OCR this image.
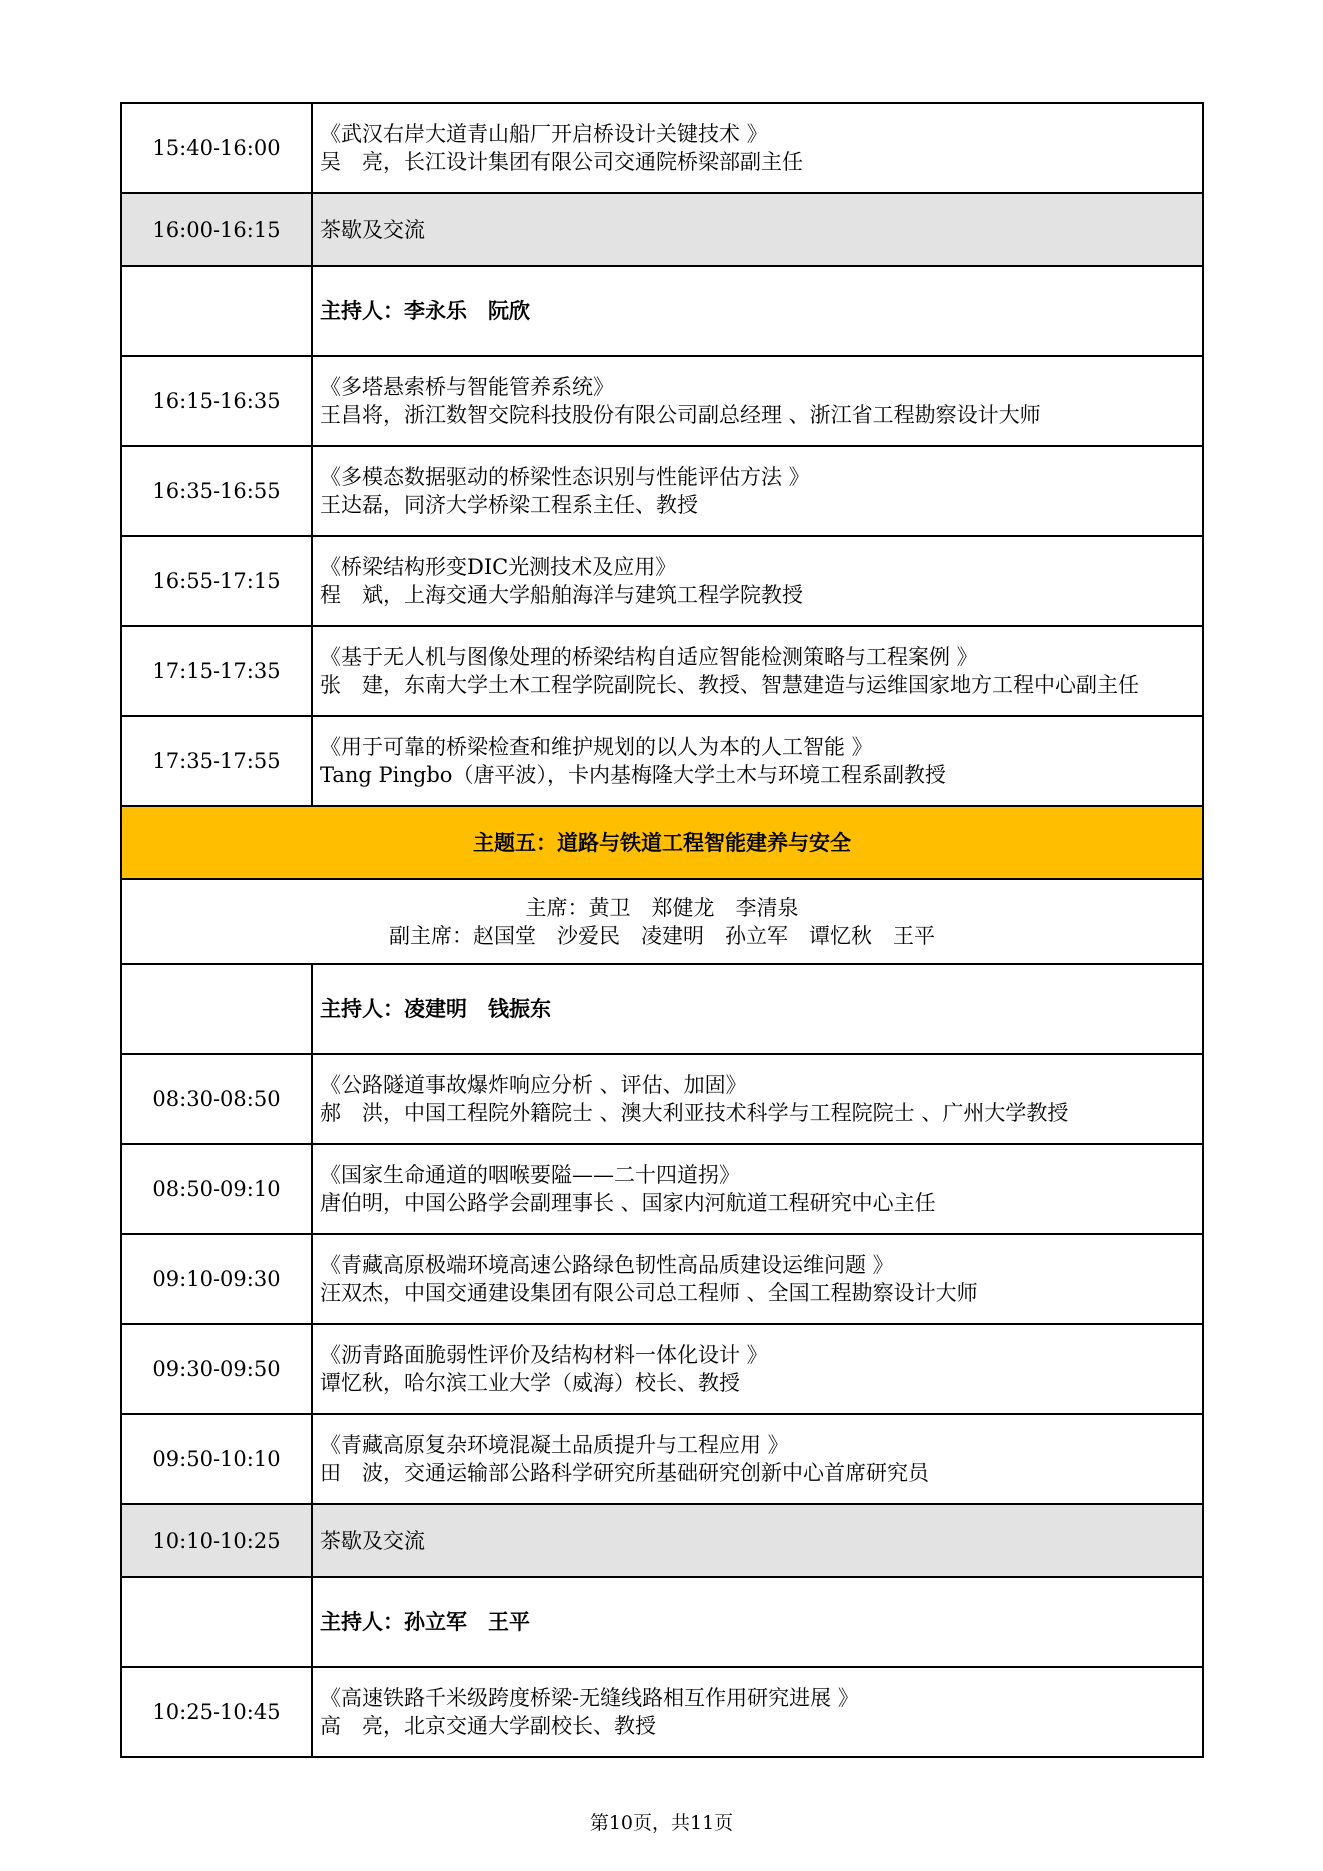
15:40-16:00	《武汉右岸大道青山船厂开启桥设计关键技术 》
吴　亮，长江设计集团有限公司交通院桥梁部副主任

16:00-16:15	茶歇及交流

	主持人：李永乐　阮欣

16:15-16:35	《多塔悬索桥与智能管养系统》
王昌将，浙江数智交院科技股份有限公司副总经理 、浙江省工程勘察设计大师

16:35-16:55	《多模态数据驱动的桥梁性态识别与性能评估方法 》
王达磊，同济大学桥梁工程系主任、教授

16:55-17:15	《桥梁结构形变DIC光测技术及应用》
程　斌，上海交通大学船舶海洋与建筑工程学院教授

17:15-17:35	《基于无人机与图像处理的桥梁结构自适应智能检测策略与工程案例 》
张　建，东南大学土木工程学院副院长、教授、智慧建造与运维国家地方工程中心副主任

17:35-17:55	《用于可靠的桥梁检查和维护规划的以人为本的人工智能 》
Tang Pingbo（唐平波），卡内基梅隆大学土木与环境工程系副教授

主题五：道路与铁道工程智能建养与安全	

主席：黄卫　郑健龙　李清泉
副主席：赵国堂　沙爱民　凌建明　孙立军　谭忆秋　王平	

	主持人：凌建明　钱振东

08:30-08:50	《公路隧道事故爆炸响应分析 、评估、加固》
郝　洪，中国工程院外籍院士 、澳大利亚技术科学与工程院院士 、广州大学教授

08:50-09:10	《国家生命通道的咽喉要隘——二十四道拐》
唐伯明，中国公路学会副理事长 、国家内河航道工程研究中心主任

09:10-09:30	《青藏高原极端环境高速公路绿色韧性高品质建设运维问题 》
汪双杰，中国交通建设集团有限公司总工程师 、全国工程勘察设计大师

09:30-09:50	《沥青路面脆弱性评价及结构材料一体化设计 》
谭忆秋，哈尔滨工业大学（威海）校长、教授

09:50-10:10	《青藏高原复杂环境混凝土品质提升与工程应用 》
田　波，交通运输部公路科学研究所基础研究创新中心首席研究员

10:10-10:25	茶歇及交流

	主持人：孙立军　王平

10:25-10:45	《高速铁路千米级跨度桥梁-无缝线路相互作用研究进展 》
高　亮，北京交通大学副校长、教授
第10页，共11页
